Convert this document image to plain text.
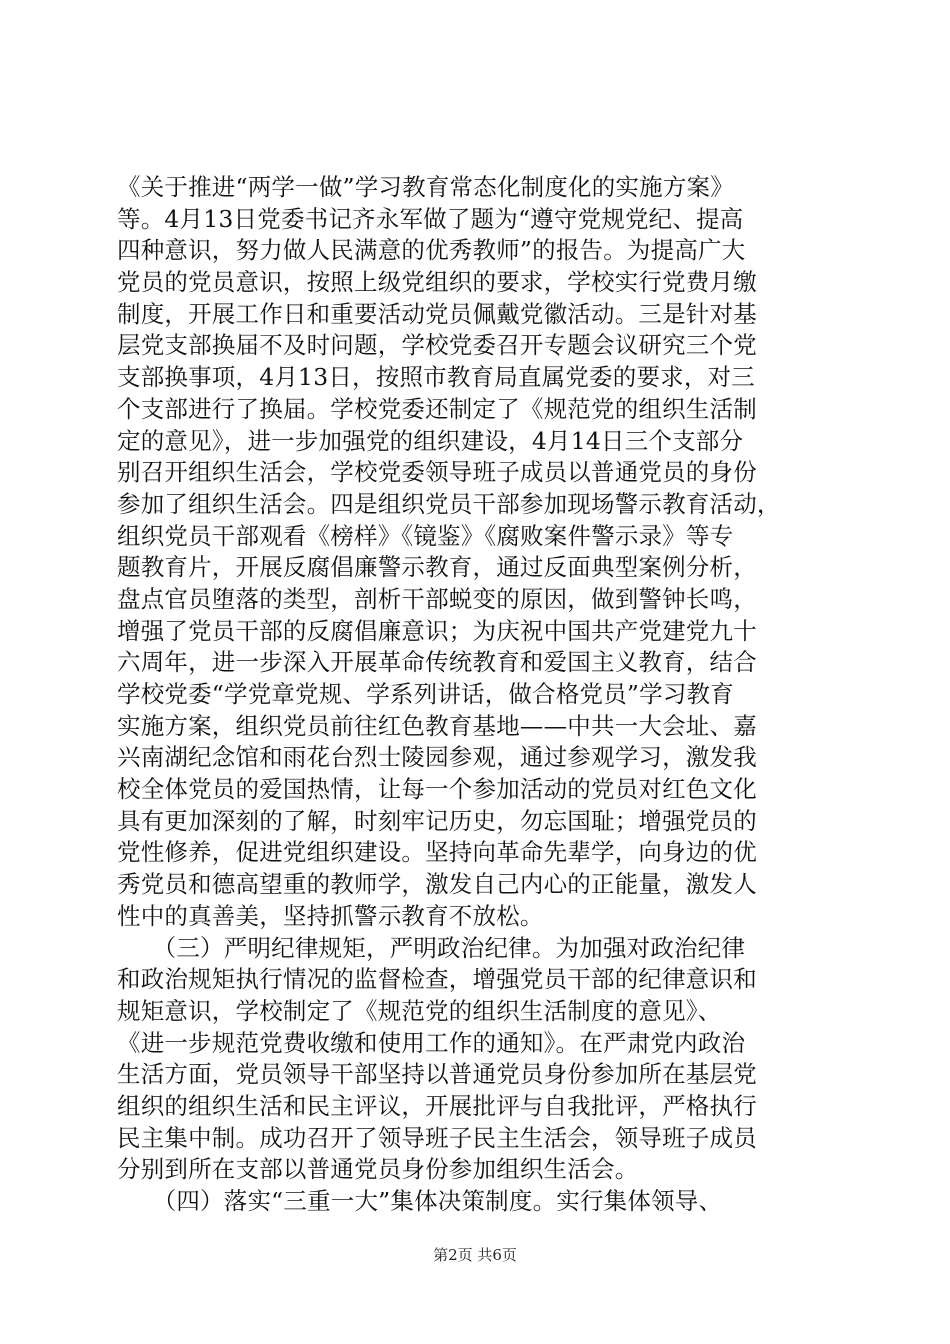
《关于推进“两学一做”学习教育常态化制度化的实施方案》
等。4月13日党委书记齐永军做了题为“遵守党规党纪、提高
四种意识，努力做人民满意的优秀教师”的报告。为提高广大
党员的党员意识，按照上级党组织的要求，学校实行党费月缴
制度，开展工作日和重要活动党员佩戴党徽活动。三是针对基
层党支部换届不及时问题，学校党委召开专题会议研究三个党
支部换事项，4月13日，按照市教育局直属党委的要求，对三
个支部进行了换届。学校党委还制定了《规范党的组织生活制
定的意见》，进一步加强党的组织建设，4月14日三个支部分
别召开组织生活会，学校党委领导班子成员以普通党员的身份
参加了组织生活会。四是组织党员干部参加现场警示教育活动，
组织党员干部观看《榜样》《镜鉴》《腐败案件警示录》等专
题教育片，开展反腐倡廉警示教育，通过反面典型案例分析，
盘点官员堕落的类型，剖析干部蜕变的原因，做到警钟长鸣，
增强了党员干部的反腐倡廉意识；为庆祝中国共产党建党九十
六周年，进一步深入开展革命传统教育和爱国主义教育，结合
学校党委“学党章党规、学系列讲话，做合格党员”学习教育
实施方案，组织党员前往红色教育基地——中共一大会址、嘉
兴南湖纪念馆和雨花台烈士陵园参观，通过参观学习，激发我
校全体党员的爱国热情，让每一个参加活动的党员对红色文化
具有更加深刻的了解，时刻牢记历史，勿忘国耻；增强党员的
党性修养，促进党组织建设。坚持向革命先辈学，向身边的优
秀党员和德高望重的教师学，激发自己内心的正能量，激发人
性中的真善美，坚持抓警示教育不放松。
　　（三）严明纪律规矩，严明政治纪律。为加强对政治纪律
和政治规矩执行情况的监督检查，增强党员干部的纪律意识和
规矩意识，学校制定了《规范党的组织生活制度的意见》、
《进一步规范党费收缴和使用工作的通知》。在严肃党内政治
生活方面，党员领导干部坚持以普通党员身份参加所在基层党
组织的组织生活和民主评议，开展批评与自我批评，严格执行
民主集中制。成功召开了领导班子民主生活会，领导班子成员
分别到所在支部以普通党员身份参加组织生活会。
　　（四）落实“三重一大”集体决策制度。实行集体领导、
第2页 共6页
